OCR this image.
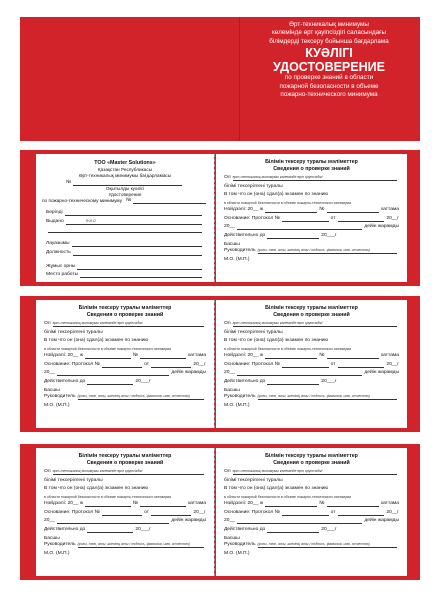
Өрт-техникалық минимумы
көлемінде өрт қауіпсіздігі саласындағы
білімдерді тексеру бойынша бағдарлама
КУӘЛІГІ
УДОСТОВЕРЕНИЕ
по проверке знаний в области
пожарной безопасности в объеме
пожарно-технического минимума
ТОО «Master Solutions»
Қазақстан Республикасы
Өрт-техникалық минимумы бағдарламасы
№
Оқытылды куәлігі
Удостоверение
по пожарно-техническому минимуму №
Берілді
Выдано	Ф.И.О
Лауазымы
Должность
Жұмыс орны
Место работы
Білімін тексеру туралы мәліметтер
Сведения о проверке знаний
Ол өрт-техникалық минимумы көлемінде өрт қауіпсіздігі
білімі тексерілгені туралы
В том что он (она) сдал(а) экзамен по знанию
в области пожарной безопасности в объеме пожарно-технического минимума
Нойдзәлі: 20__ ж	№	хаттама
Основание: Протокол №	от	20__г
20__	дейін жарамды
Действительно до	20___г
Басшы
Руководитель (қолы, тегі, аты, әкесінің аты / подпись, фамилия, имя, отчество)
М.О. (М.П.)
Білімін тексеру туралы мәліметтер
Сведения о проверке знаний
Ол өрт-техникалық минимумы көлемінде өрт қауіпсіздігі
білімі тексерілгені туралы
В том что он (она) сдал(а) экзамен по знанию
в области пожарной безопасности в объеме пожарно-технического минимума
Нойдзәлі: 20__ ж	№	хаттама
Основание: Протокол №	от	20__г
20__	дейін жарамды
Действительно до	20___г
Басшы
Руководитель (қолы, тегі, аты, әкесінің аты / подпись, фамилия, имя, отчество)
М.О. (М.П.)
Білімін тексеру туралы мәліметтер
Сведения о проверке знаний
Ол өрт-техникалық минимумы көлемінде өрт қауіпсіздігі
білімі тексерілгені туралы
В том что он (она) сдал(а) экзамен по знанию
в области пожарной безопасности в объеме пожарно-технического минимума
Нойдзәлі: 20__ ж	№	хаттама
Основание: Протокол №	от	20__г
20__	дейін жарамды
Действительно до	20___г
Басшы
Руководитель (қолы, тегі, аты, әкесінің аты / подпись, фамилия, имя, отчество)
М.О. (М.П.)
Білімін тексеру туралы мәліметтер
Сведения о проверке знаний
Ол өрт-техникалық минимумы көлемінде өрт қауіпсіздігі
білімі тексерілгені туралы
В том что он (она) сдал(а) экзамен по знанию
в области пожарной безопасности в объеме пожарно-технического минимума
Нойдзәлі: 20__ ж	№	хаттама
Основание: Протокол №	от	20__г
20__	дейін жарамды
Действительно до	20___г
Басшы
Руководитель (қолы, тегі, аты, әкесінің аты / подпись, фамилия, имя, отчество)
М.О. (М.П.)
Білімін тексеру туралы мәліметтер
Сведения о проверке знаний
Ол өрт-техникалық минимумы көлемінде өрт қауіпсіздігі
білімі тексерілгені туралы
В том что он (она) сдал(а) экзамен по знанию
в области пожарной безопасности в объеме пожарно-технического минимума
Нойдзәлі: 20__ ж	№	хаттама
Основание: Протокол №	от	20__г
20__	дейін жарамды
Действительно до	20___г
Басшы
Руководитель (қолы, тегі, аты, әкесінің аты / подпись, фамилия, имя, отчество)
М.О. (М.П.)
